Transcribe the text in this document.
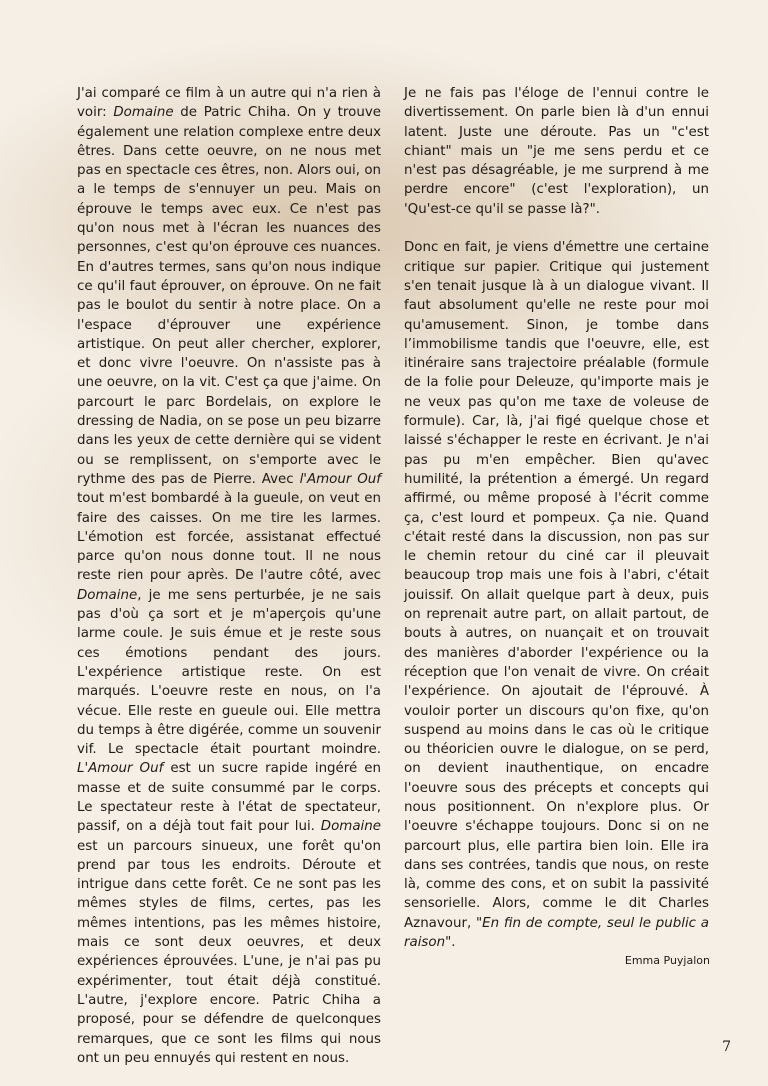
J'ai comparé ce film à un autre qui n'a rien à voir: Domaine de Patric Chiha. On y trouve également une relation complexe entre deux êtres. Dans cette oeuvre, on ne nous met pas en spectacle ces êtres, non. Alors oui, on a le temps de s'ennuyer un peu. Mais on éprouve le temps avec eux. Ce n'est pas qu'on nous met à l'écran les nuances des personnes, c'est qu'on éprouve ces nuances. En d'autres termes, sans qu'on nous indique ce qu'il faut éprouver, on éprouve. On ne fait pas le boulot du sentir à notre place. On a l'espace d'éprouver une expérience artistique. On peut aller chercher, explorer, et donc vivre l'oeuvre. On n'assiste pas à une oeuvre, on la vit. C'est ça que j'aime. On parcourt le parc Bordelais, on explore le dressing de Nadia, on se pose un peu bizarre dans les yeux de cette dernière qui se vident ou se remplissent, on s'emporte avec le rythme des pas de Pierre. Avec l'Amour Ouf tout m'est bombardé à la gueule, on veut en faire des caisses. On me tire les larmes. L'émotion est forcée, assistanat effectué parce qu'on nous donne tout. Il ne nous reste rien pour après. De l'autre côté, avec Domaine, je me sens perturbée, je ne sais pas d'où ça sort et je m'aperçois qu'une larme coule. Je suis émue et je reste sous ces émotions pendant des jours. L'expérience artistique reste. On est marqués. L'oeuvre reste en nous, on l'a vécue. Elle reste en gueule oui. Elle mettra du temps à être digérée, comme un souvenir vif. Le spectacle était pourtant moindre. L'Amour Ouf est un sucre rapide ingéré en masse et de suite consummé par le corps. Le spectateur reste à l'état de spectateur, passif, on a déjà tout fait pour lui. Domaine est un parcours sinueux, une forêt qu'on prend par tous les endroits. Déroute et intrigue dans cette forêt. Ce ne sont pas les mêmes styles de films, certes, pas les mêmes intentions, pas les mêmes histoire, mais ce sont deux oeuvres, et deux expériences éprouvées. L'une, je n'ai pas pu expérimenter, tout était déjà constitué. L'autre, j'explore encore. Patric Chiha a proposé, pour se défendre de quelconques remarques, que ce sont les films qui nous ont un peu ennuyés qui restent en nous.

Je ne fais pas l'éloge de l'ennui contre le divertissement. On parle bien là d'un ennui latent. Juste une déroute. Pas un "c'est chiant" mais un "je me sens perdu et ce n'est pas désagréable, je me surprend à me perdre encore" (c'est l'exploration), un 'Qu'est-ce qu'il se passe là?".

Donc en fait, je viens d'émettre une certaine critique sur papier. Critique qui justement s'en tenait jusque là à un dialogue vivant. Il faut absolument qu'elle ne reste pour moi qu'amusement. Sinon, je tombe dans l’immobilisme tandis que l'oeuvre, elle, est itinéraire sans trajectoire préalable (formule de la folie pour Deleuze, qu'importe mais je ne veux pas qu'on me taxe de voleuse de formule). Car, là, j'ai figé quelque chose et laissé s'échapper le reste en écrivant. Je n'ai pas pu m'en empêcher. Bien qu'avec humilité, la prétention a émergé. Un regard affirmé, ou même proposé à l'écrit comme ça, c'est lourd et pompeux. Ça nie. Quand c'était resté dans la discussion, non pas sur le chemin retour du ciné car il pleuvait beaucoup trop mais une fois à l'abri, c'était jouissif. On allait quelque part à deux, puis on reprenait autre part, on allait partout, de bouts à autres, on nuançait et on trouvait des manières d'aborder l'expérience ou la réception que l'on venait de vivre. On créait l'expérience. On ajoutait de l'éprouvé. À vouloir porter un discours qu'on fixe, qu'on suspend au moins dans le cas où le critique ou théoricien ouvre le dialogue, on se perd, on devient inauthentique, on encadre l'oeuvre sous des précepts et concepts qui nous positionnent. On n'explore plus. Or l'oeuvre s'échappe toujours. Donc si on ne parcourt plus, elle partira bien loin. Elle ira dans ses contrées, tandis que nous, on reste là, comme des cons, et on subit la passivité sensorielle. Alors, comme le dit Charles Aznavour, "En fin de compte, seul le public a raison".

Emma Puyjalon
7
